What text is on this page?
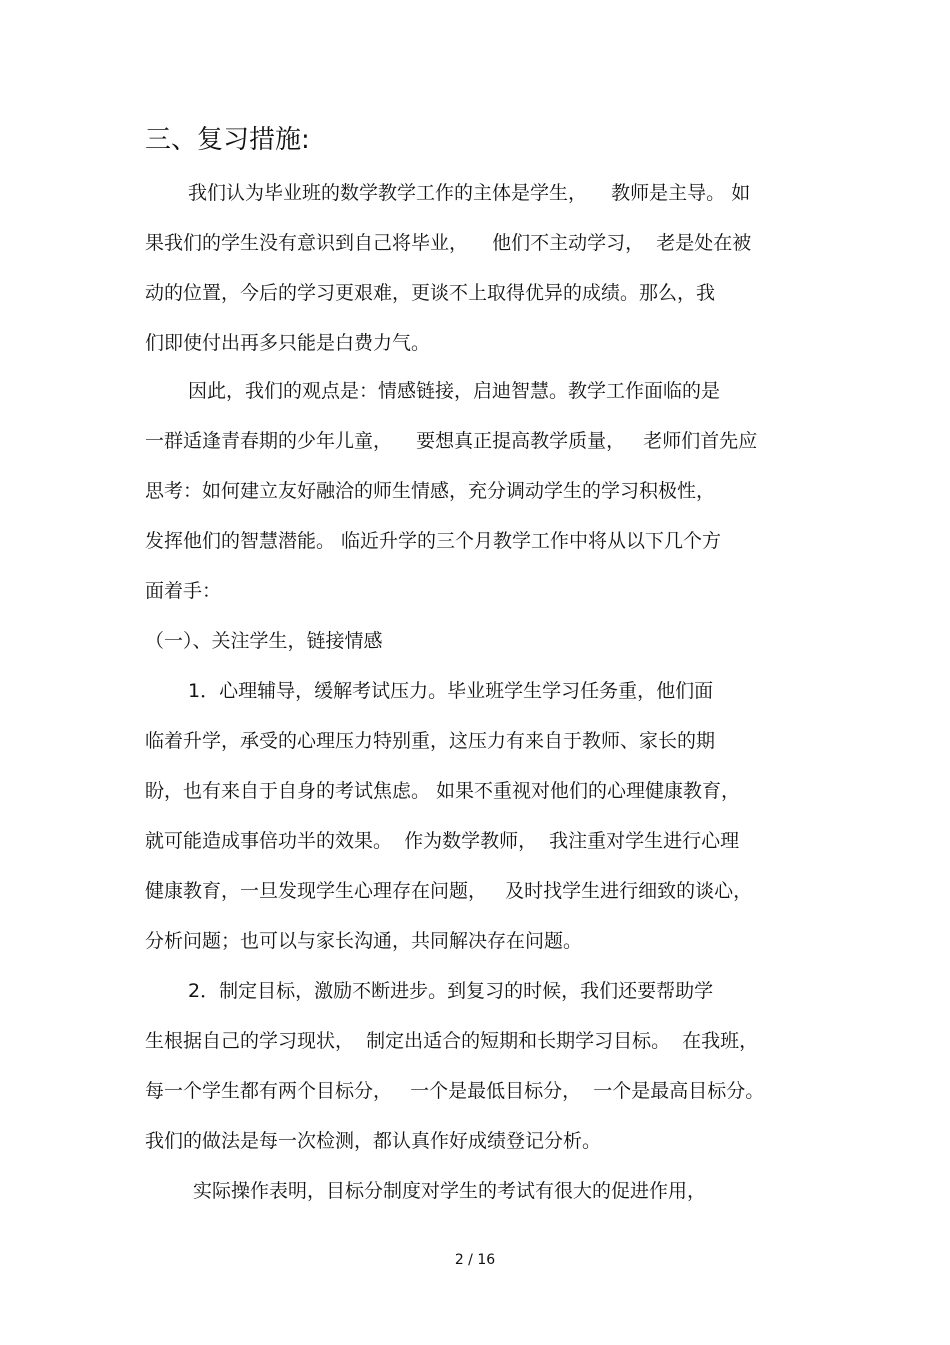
三、复习措施:
我们认为毕业班的数学教学工作的主体是学生，    教师是主导。 如
果我们的学生没有意识到自己将毕业，    他们不主动学习，  老是处在被
动的位置，今后的学习更艰难，更谈不上取得优异的成绩。那么，我
们即使付出再多只能是白费力气。
因此，我们的观点是：情感链接，启迪智慧。教学工作面临的是
一群适逢青春期的少年儿童，    要想真正提高教学质量，   老师们首先应
思考：如何建立友好融洽的师生情感，充分调动学生的学习积极性，
发挥他们的智慧潜能。 临近升学的三个月教学工作中将从以下几个方
面着手：
（一）、关注学生，链接情感
1．心理辅导，缓解考试压力。毕业班学生学习任务重，他们面
临着升学，承受的心理压力特别重，这压力有来自于教师、家长的期
盼，也有来自于自身的考试焦虑。 如果不重视对他们的心理健康教育，
就可能造成事倍功半的效果。  作为数学教师，  我注重对学生进行心理
健康教育，一旦发现学生心理存在问题，   及时找学生进行细致的谈心，
分析问题；也可以与家长沟通，共同解决存在问题。
2．制定目标，激励不断进步。到复习的时候，我们还要帮助学
生根据自己的学习现状，  制定出适合的短期和长期学习目标。  在我班，
每一个学生都有两个目标分，   一个是最低目标分，  一个是最高目标分。
我们的做法是每一次检测，都认真作好成绩登记分析。
实际操作表明，目标分制度对学生的考试有很大的促进作用，
2 / 16
